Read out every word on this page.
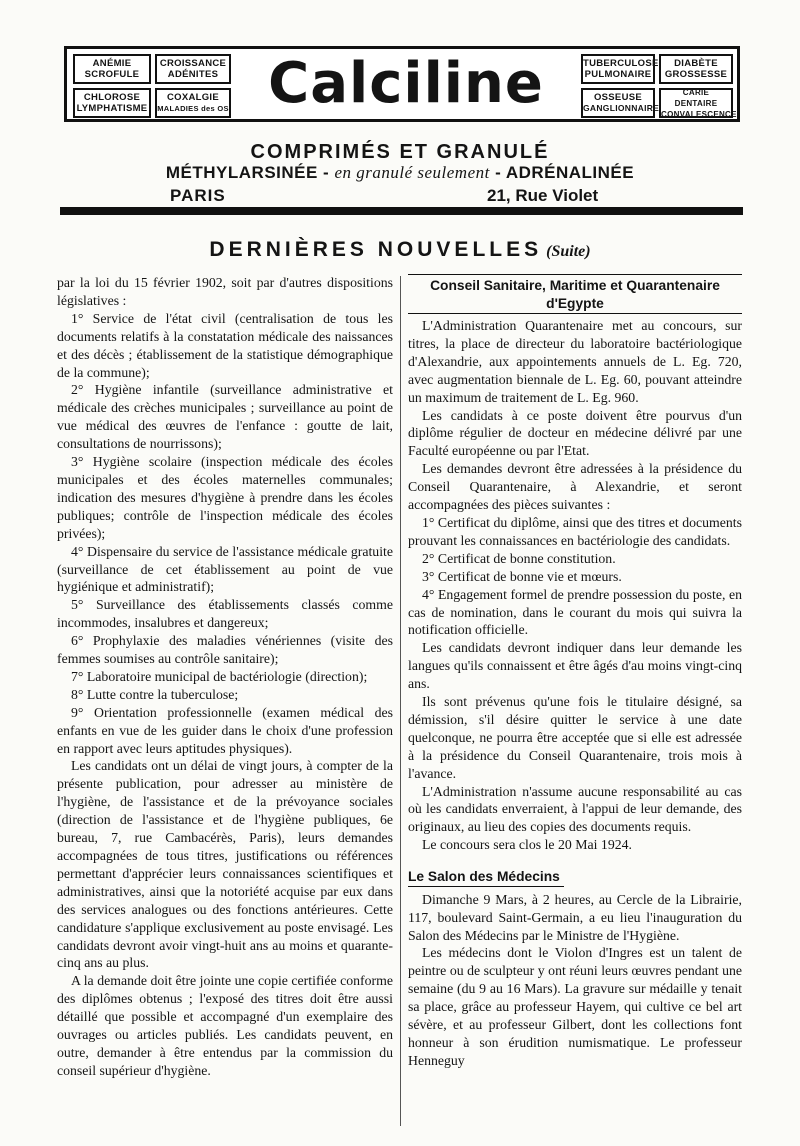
ANÉMIE
SCROFULE
CROISSANCE
ADÉNITES
CHLOROSE
LYMPHATISME
COXALGIE
MALADIES des OS Calciline	TUBERCULOSE
PULMONAIRE
DIABÈTE
GROSSESSE
OSSEUSE
GANGLIONNAIRE
CARIE DENTAIRE
CONVALESCENCE
COMPRIMÉS ET GRANULÉ
MÉTHYLARSINÉE - en granulé seulement - ADRÉNALINÉE
PARIS	21, Rue Violet
DERNIÈRES NOUVELLES (Suite)

par la loi du 15 février 1902, soit par d'autres dispositions législatives :

1° Service de l'état civil (centralisation de tous les documents relatifs à la constatation médicale des naissances et des décès ; établissement de la statistique démographique de la commune);

2° Hygiène infantile (surveillance administrative et médicale des crèches municipales ; surveillance au point de vue médical des œuvres de l'enfance : goutte de lait, consultations de nourrissons);

3° Hygiène scolaire (inspection médicale des écoles municipales et des écoles maternelles communales; indication des mesures d'hygiène à prendre dans les écoles publiques; contrôle de l'inspection médicale des écoles privées);

4° Dispensaire du service de l'assistance médicale gratuite (surveillance de cet établissement au point de vue hygiénique et administratif);

5° Surveillance des établissements classés comme incommodes, insalubres et dangereux;

6° Prophylaxie des maladies vénériennes (visite des femmes soumises au contrôle sanitaire);

7° Laboratoire municipal de bactériologie (direction);

8° Lutte contre la tuberculose;

9° Orientation professionnelle (examen médical des enfants en vue de les guider dans le choix d'une profession en rapport avec leurs aptitudes physiques).

Les candidats ont un délai de vingt jours, à compter de la présente publication, pour adresser au ministère de l'hygiène, de l'assistance et de la prévoyance sociales (direction de l'assistance et de l'hygiène publiques, 6e bureau, 7, rue Cambacérès, Paris), leurs demandes accompagnées de tous titres, justifications ou références permettant d'apprécier leurs connaissances scientifiques et administratives, ainsi que la notoriété acquise par eux dans des services analogues ou des fonctions antérieures. Cette candidature s'applique exclusivement au poste envisagé. Les candidats devront avoir vingt-huit ans au moins et quarante-cinq ans au plus.

A la demande doit être jointe une copie certifiée conforme des diplômes obtenus ; l'exposé des titres doit être aussi détaillé que possible et accompagné d'un exemplaire des ouvrages ou articles publiés. Les candidats peuvent, en outre, demander à être entendus par la commission du conseil supérieur d'hygiène.

Conseil Sanitaire, Maritime et Quarantenaire d'Egypte

L'Administration Quarantenaire met au concours, sur titres, la place de directeur du laboratoire bactériologique d'Alexandrie, aux appointements annuels de L. Eg. 720, avec augmentation biennale de L. Eg. 60, pouvant atteindre un maximum de traitement de L. Eg. 960.

Les candidats à ce poste doivent être pourvus d'un diplôme régulier de docteur en médecine délivré par une Faculté européenne ou par l'Etat.

Les demandes devront être adressées à la présidence du Conseil Quarantenaire, à Alexandrie, et seront accompagnées des pièces suivantes :

1° Certificat du diplôme, ainsi que des titres et documents prouvant les connaissances en bactériologie des candidats.

2° Certificat de bonne constitution.

3° Certificat de bonne vie et mœurs.

4° Engagement formel de prendre possession du poste, en cas de nomination, dans le courant du mois qui suivra la notification officielle.

Les candidats devront indiquer dans leur demande les langues qu'ils connaissent et être âgés d'au moins vingt-cinq ans.

Ils sont prévenus qu'une fois le titulaire désigné, sa démission, s'il désire quitter le service à une date quelconque, ne pourra être acceptée que si elle est adressée à la présidence du Conseil Quarantenaire, trois mois à l'avance.

L'Administration n'assume aucune responsabilité au cas où les candidats enverraient, à l'appui de leur demande, des originaux, au lieu des copies des documents requis.

Le concours sera clos le 20 Mai 1924.

Le Salon des Médecins

Dimanche 9 Mars, à 2 heures, au Cercle de la Librairie, 117, boulevard Saint-Germain, a eu lieu l'inauguration du Salon des Médecins par le Ministre de l'Hygiène.

Les médecins dont le Violon d'Ingres est un talent de peintre ou de sculpteur y ont réuni leurs œuvres pendant une semaine (du 9 au 16 Mars). La gravure sur médaille y tenait sa place, grâce au professeur Hayem, qui cultive ce bel art sévère, et au professeur Gilbert, dont les collections font honneur à son érudition numismatique. Le professeur Henneguy
